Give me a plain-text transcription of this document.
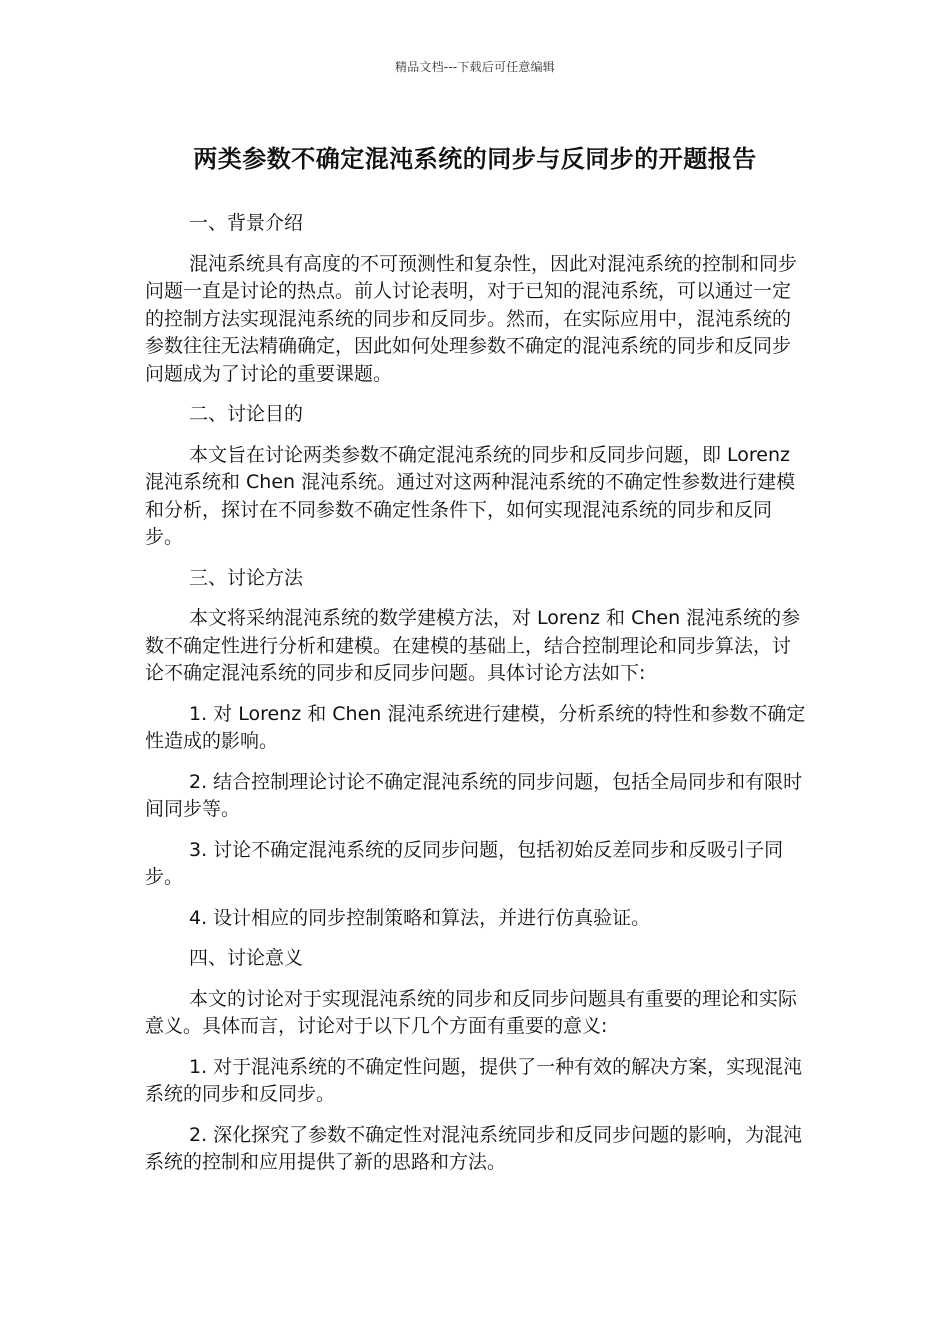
精品文档---下载后可任意编辑
两类参数不确定混沌系统的同步与反同步的开题报告

一、背景介绍

混沌系统具有高度的不可预测性和复杂性，因此对混沌系统的控制和同步问题一直是讨论的热点。前人讨论表明，对于已知的混沌系统，可以通过一定的控制方法实现混沌系统的同步和反同步。然而，在实际应用中，混沌系统的参数往往无法精确确定，因此如何处理参数不确定的混沌系统的同步和反同步问题成为了讨论的重要课题。

二、讨论目的

本文旨在讨论两类参数不确定混沌系统的同步和反同步问题，即 Lorenz 混沌系统和 Chen 混沌系统。通过对这两种混沌系统的不确定性参数进行建模和分析，探讨在不同参数不确定性条件下，如何实现混沌系统的同步和反同步。

三、讨论方法

本文将采纳混沌系统的数学建模方法，对 Lorenz 和 Chen 混沌系统的参数不确定性进行分析和建模。在建模的基础上，结合控制理论和同步算法，讨论不确定混沌系统的同步和反同步问题。具体讨论方法如下:

1. 对 Lorenz 和 Chen 混沌系统进行建模，分析系统的特性和参数不确定性造成的影响。

2. 结合控制理论讨论不确定混沌系统的同步问题，包括全局同步和有限时间同步等。

3. 讨论不确定混沌系统的反同步问题，包括初始反差同步和反吸引子同步。

4. 设计相应的同步控制策略和算法，并进行仿真验证。

四、讨论意义

本文的讨论对于实现混沌系统的同步和反同步问题具有重要的理论和实际意义。具体而言，讨论对于以下几个方面有重要的意义:

1. 对于混沌系统的不确定性问题，提供了一种有效的解决方案，实现混沌系统的同步和反同步。

2. 深化探究了参数不确定性对混沌系统同步和反同步问题的影响，为混沌系统的控制和应用提供了新的思路和方法。
